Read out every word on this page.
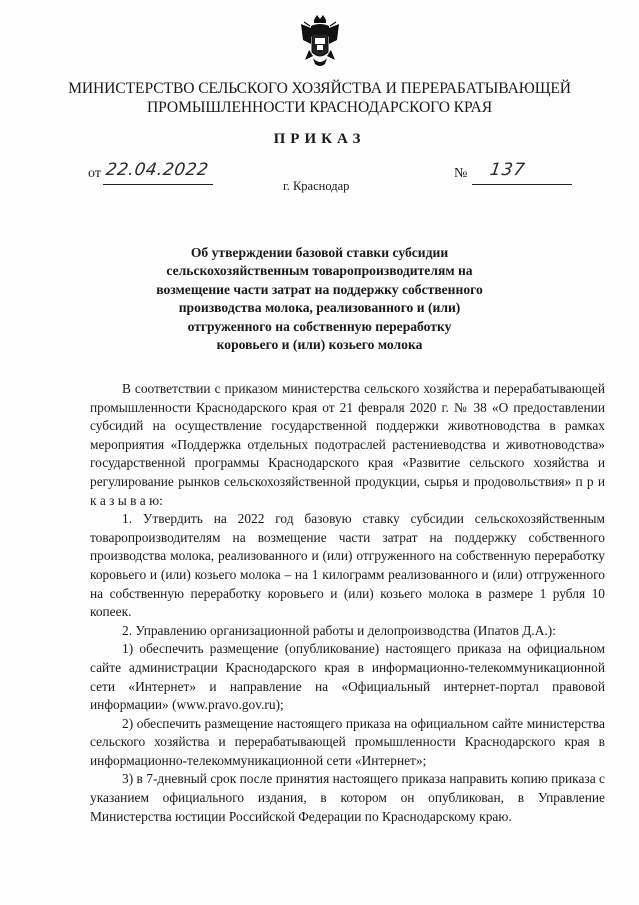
МИНИСТЕРСТВО СЕЛЬСКОГО ХОЗЯЙСТВА И ПЕРЕРАБАТЫВАЮЩЕЙ
ПРОМЫШЛЕННОСТИ КРАСНОДАРСКОГО КРАЯ
ПРИКАЗ
от 22.04.2022
г. Краснодар
№ 137
Об утверждении базовой ставки субсидии
сельскохозяйственным товаропроизводителям на
возмещение части затрат на поддержку собственного
производства молока, реализованного и (или)
отгруженного на собственную переработку
коровьего и (или) козьего молока

В соответствии с приказом министерства сельского хозяйства и перерабатывающей промышленности Краснодарского края от 21 февраля 2020 г. № 38 «О предоставлении субсидий на осуществление государственной поддержки животноводства в рамках мероприятия «Поддержка отдельных подотраслей растениеводства и животноводства» государственной программы Краснодарского края «Развитие сельского хозяйства и регулирование рынков сельскохозяйственной продукции, сырья и продовольствия» п р и к а з ы в а ю:

1. Утвердить на 2022 год базовую ставку субсидии сельскохозяйственным товаропроизводителям на возмещение части затрат на поддержку собственного производства молока, реализованного и (или) отгруженного на собственную переработку коровьего и (или) козьего молока – на 1 килограмм реализованного и (или) отгруженного на собственную переработку коровьего и (или) козьего молока в размере 1 рубля 10 копеек.

2. Управлению организационной работы и делопроизводства (Ипатов Д.А.):

1) обеспечить размещение (опубликование) настоящего приказа на официальном сайте администрации Краснодарского края в информационно-телекоммуникационной сети «Интернет» и направление на «Официальный интернет-портал правовой информации» (www.pravo.gov.ru);

2) обеспечить размещение настоящего приказа на официальном сайте министерства сельского хозяйства и перерабатывающей промышленности Краснодарского края в информационно-телекоммуникационной сети «Интернет»;

3) в 7-дневный срок после принятия настоящего приказа направить копию приказа с указанием официального издания, в котором он опубликован, в Управление Министерства юстиции Российской Федерации по Краснодарскому краю.
